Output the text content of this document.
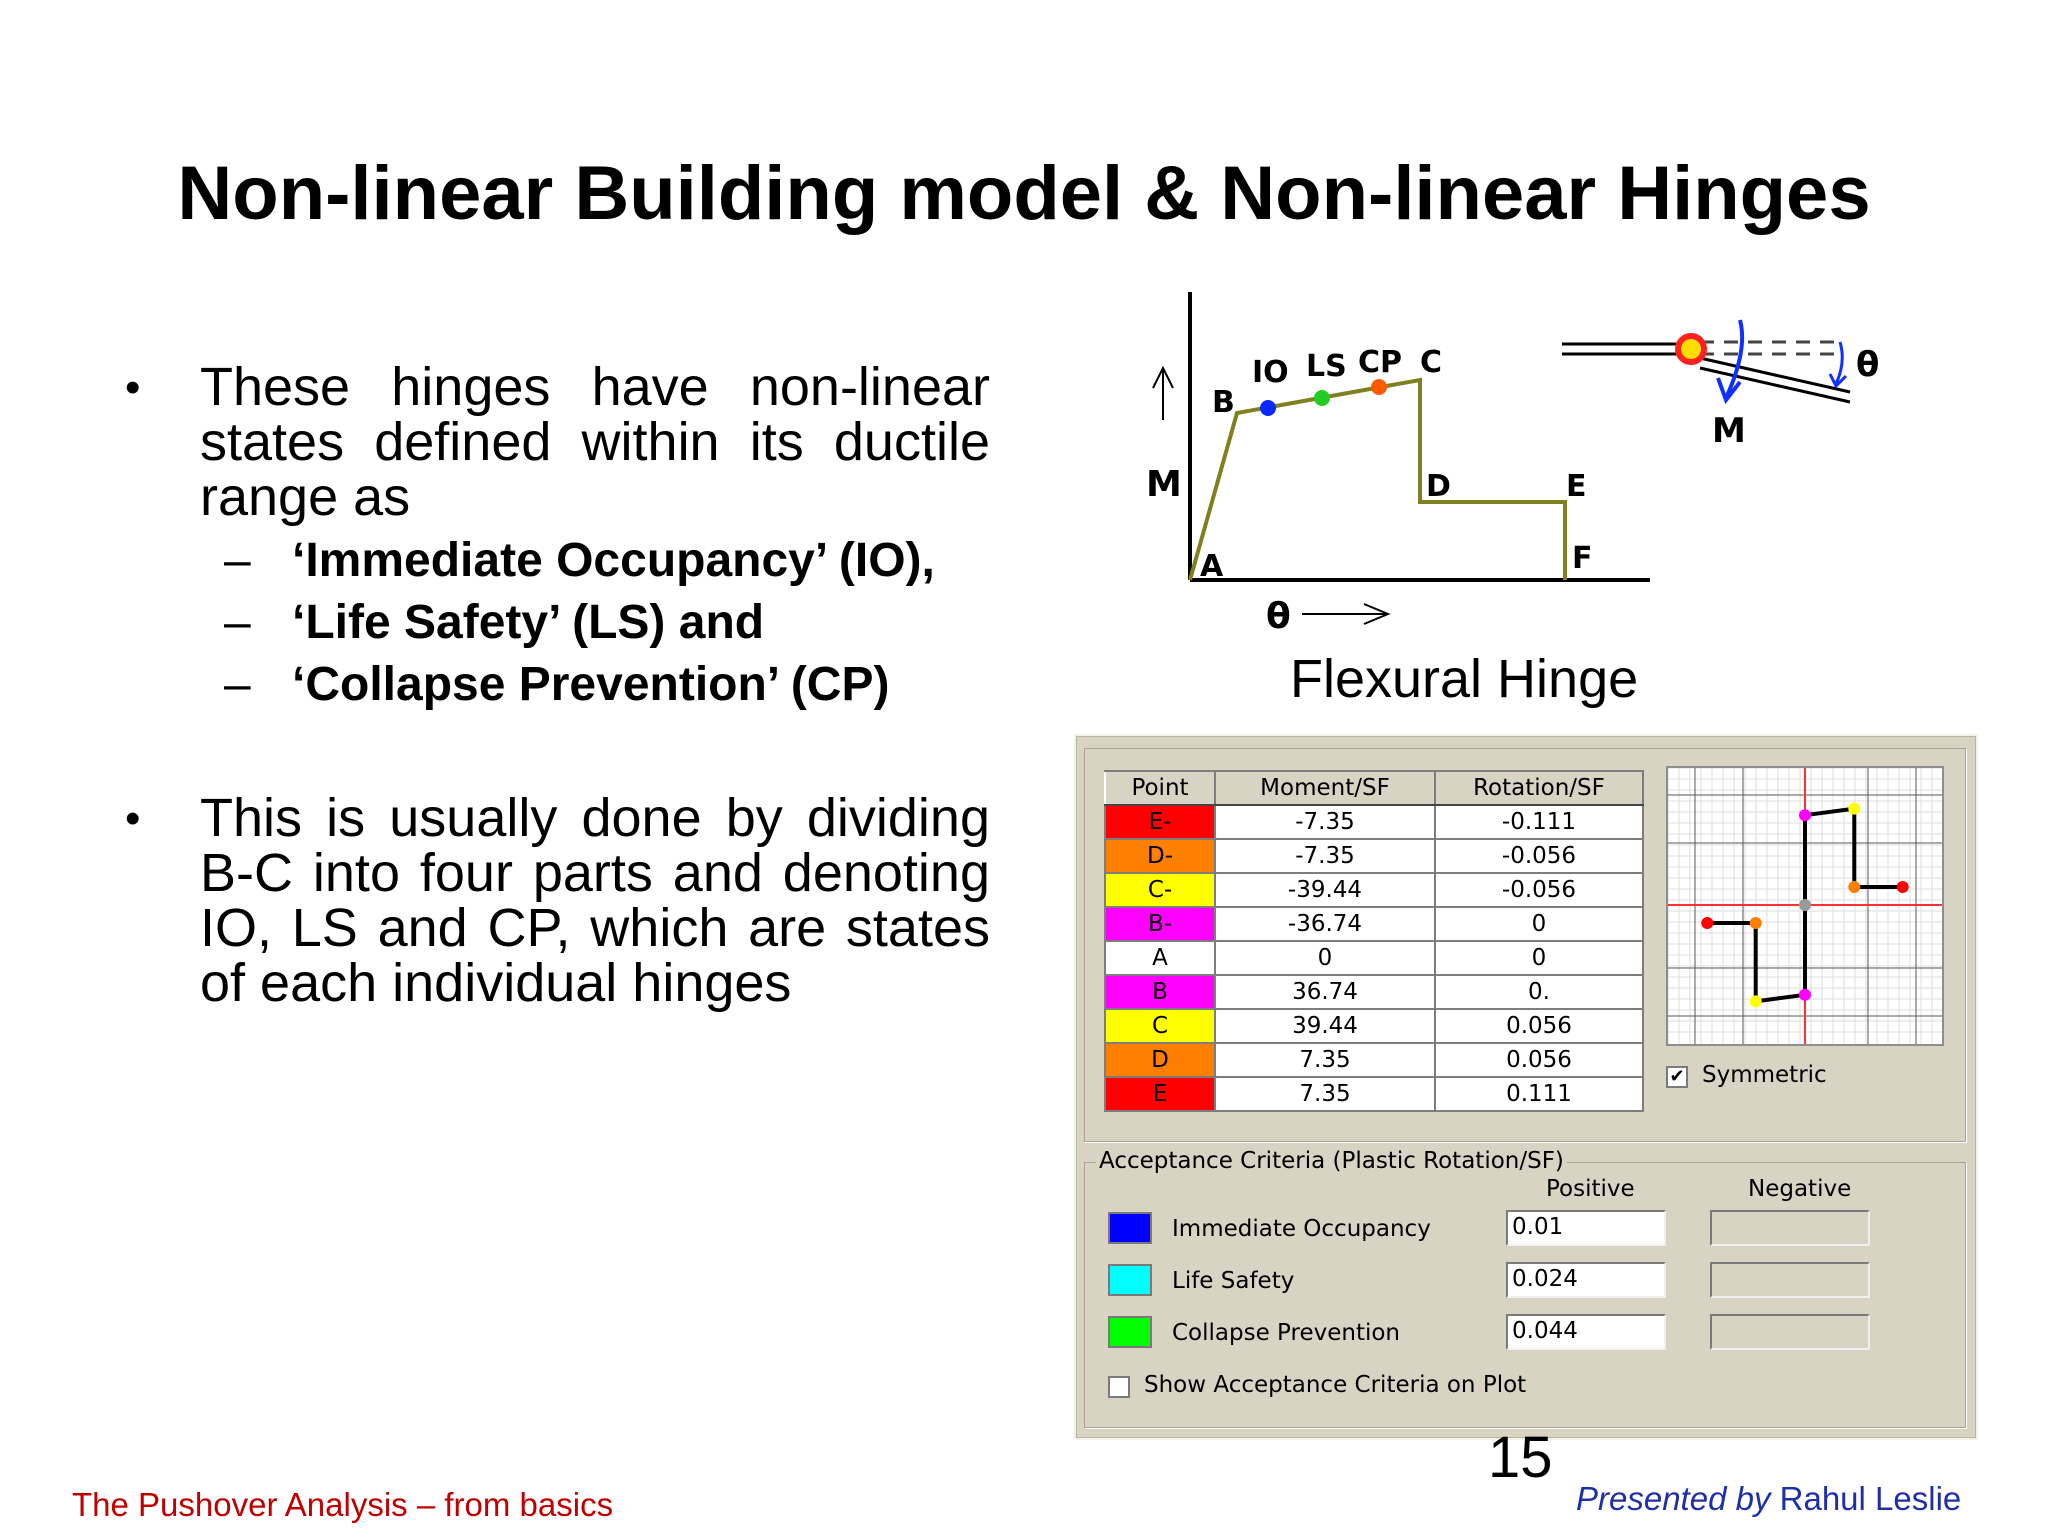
Non-linear Building model & Non-linear Hinges
• These hinges have non-linear states defined within its ductile range as
– ‘Immediate Occupancy’ (IO),
– ‘Life Safety’ (LS) and
– ‘Collapse Prevention’ (CP)
• This is usually done by dividing B-C into four parts and denoting IO, LS and CP, which are states of each individual hinges
A
B
IO LS CP C
D	E
F
M
θ
M
θ
Flexural Hinge
Point	Moment/SF	Rotation/SF
E-	-7.35	-0.111
D-	-7.35	-0.056
C-	-39.44	-0.056
B-	-36.74	0
A	0	0
B	36.74	0.
C	39.44	0.056
D	7.35	0.056
E	7.35	0.111
✔ Symmetric
Acceptance Criteria (Plastic Rotation/SF)
Positive	Negative
Immediate Occupancy	0.01
Life Safety	0.024
Collapse Prevention	0.044
Show Acceptance Criteria on Plot
15
The Pushover Analysis – from basics	Presented by Rahul Leslie
